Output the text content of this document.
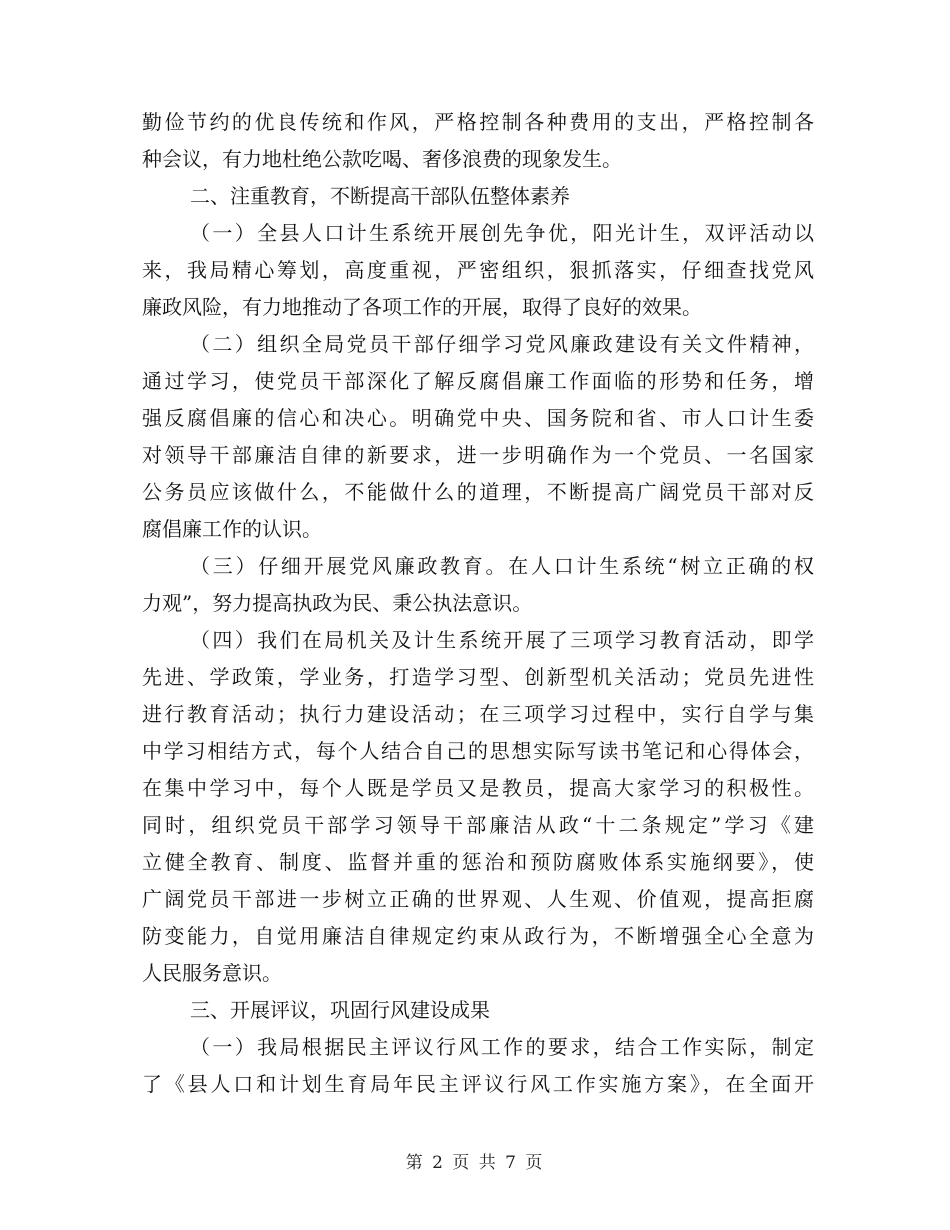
勤俭节约的优良传统和作风，严格控制各种费用的支出，严格控制各
种会议，有力地杜绝公款吃喝、奢侈浪费的现象发生。
二、注重教育，不断提高干部队伍整体素养
（一）全县人口计生系统开展创先争优，阳光计生，双评活动以
来，我局精心筹划，高度重视，严密组织，狠抓落实，仔细查找党风
廉政风险，有力地推动了各项工作的开展，取得了良好的效果。
（二）组织全局党员干部仔细学习党风廉政建设有关文件精神，
通过学习，使党员干部深化了解反腐倡廉工作面临的形势和任务，增
强反腐倡廉的信心和决心。明确党中央、国务院和省、市人口计生委
对领导干部廉洁自律的新要求，进一步明确作为一个党员、一名国家
公务员应该做什么，不能做什么的道理，不断提高广阔党员干部对反
腐倡廉工作的认识。
（三）仔细开展党风廉政教育。在人口计生系统“树立正确的权
力观”，努力提高执政为民、秉公执法意识。
（四）我们在局机关及计生系统开展了三项学习教育活动，即学
先进、学政策，学业务，打造学习型、创新型机关活动；党员先进性
进行教育活动；执行力建设活动；在三项学习过程中，实行自学与集
中学习相结方式，每个人结合自己的思想实际写读书笔记和心得体会，
在集中学习中，每个人既是学员又是教员，提高大家学习的积极性。
同时，组织党员干部学习领导干部廉洁从政“十二条规定”学习《建
立健全教育、制度、监督并重的惩治和预防腐败体系实施纲要》，使
广阔党员干部进一步树立正确的世界观、人生观、价值观，提高拒腐
防变能力，自觉用廉洁自律规定约束从政行为，不断增强全心全意为
人民服务意识。
三、开展评议，巩固行风建设成果
（一）我局根据民主评议行风工作的要求，结合工作实际，制定
了《县人口和计划生育局年民主评议行风工作实施方案》，在全面开
第 2 页 共 7 页
